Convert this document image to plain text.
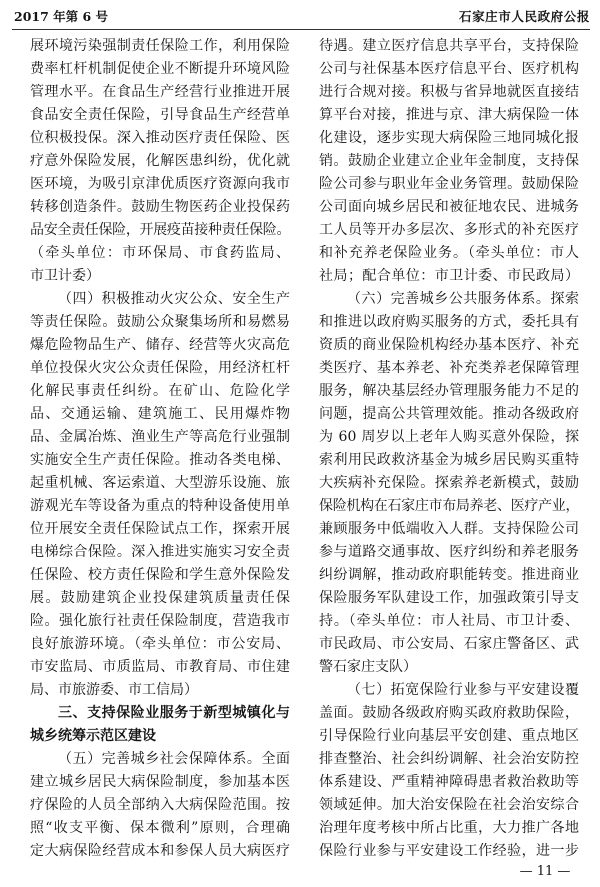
2017 年第 6 号	石家庄市人民政府公报
展环境污染强制责任保险工作，利用保险
费率杠杆机制促使企业不断提升环境风险
管理水平。在食品生产经营行业推进开展
食品安全责任保险，引导食品生产经营单
位积极投保。深入推动医疗责任保险、医
疗意外保险发展，化解医患纠纷，优化就
医环境，为吸引京津优质医疗资源向我市
转移创造条件。鼓励生物医药企业投保药
品安全责任保险，开展疫苗接种责任保险。
（牵头单位：市环保局、市食药监局、
市卫计委）
（四）积极推动火灾公众、安全生产
等责任保险。鼓励公众聚集场所和易燃易
爆危险物品生产、储存、经营等火灾高危
单位投保火灾公众责任保险，用经济杠杆
化解民事责任纠纷。在矿山、危险化学
品、交通运输、建筑施工、民用爆炸物
品、金属冶炼、渔业生产等高危行业强制
实施安全生产责任保险。推动各类电梯、
起重机械、客运索道、大型游乐设施、旅
游观光车等设备为重点的特种设备使用单
位开展安全责任保险试点工作，探索开展
电梯综合保险。深入推进实施实习安全责
任保险、校方责任保险和学生意外保险发
展。鼓励建筑企业投保建筑质量责任保
险。强化旅行社责任保险制度，营造我市
良好旅游环境。（牵头单位：市公安局、
市安监局、市质监局、市教育局、市住建
局、市旅游委、市工信局）
三、支持保险业服务于新型城镇化与
城乡统筹示范区建设
（五）完善城乡社会保障体系。全面
建立城乡居民大病保险制度，参加基本医
疗保险的人员全部纳入大病保险范围。按
照“收支平衡、保本微利”原则，合理确
定大病保险经营成本和参保人员大病医疗
待遇。建立医疗信息共享平台，支持保险
公司与社保基本医疗信息平台、医疗机构
进行合规对接。积极与省异地就医直接结
算平台对接，推进与京、津大病保险一体
化建设，逐步实现大病保险三地同城化报
销。鼓励企业建立企业年金制度，支持保
险公司参与职业年金业务管理。鼓励保险
公司面向城乡居民和被征地农民、进城务
工人员等开办多层次、多形式的补充医疗
和补充养老保险业务。（牵头单位：市人
社局；配合单位：市卫计委、市民政局）
（六）完善城乡公共服务体系。探索
和推进以政府购买服务的方式，委托具有
资质的商业保险机构经办基本医疗、补充
类医疗、基本养老、补充类养老保障管理
服务，解决基层经办管理服务能力不足的
问题，提高公共管理效能。推动各级政府
为 60 周岁以上老年人购买意外保险，探
索利用民政救济基金为城乡居民购买重特
大疾病补充保险。探索养老新模式，鼓励
保险机构在石家庄市布局养老、医疗产业，
兼顾服务中低端收入人群。支持保险公司
参与道路交通事故、医疗纠纷和养老服务
纠纷调解，推动政府职能转变。推进商业
保险服务军队建设工作，加强政策引导支
持。（牵头单位：市人社局、市卫计委、
市民政局、市公安局、石家庄警备区、武
警石家庄支队）
（七）拓宽保险行业参与平安建设覆
盖面。鼓励各级政府购买政府救助保险，
引导保险行业向基层平安创建、重点地区
排查整治、社会纠纷调解、社会治安防控
体系建设、严重精神障碍患者救治救助等
领域延伸。加大治安保险在社会治安综合
治理年度考核中所占比重，大力推广各地
保险行业参与平安建设工作经验，进一步
— 11 —
